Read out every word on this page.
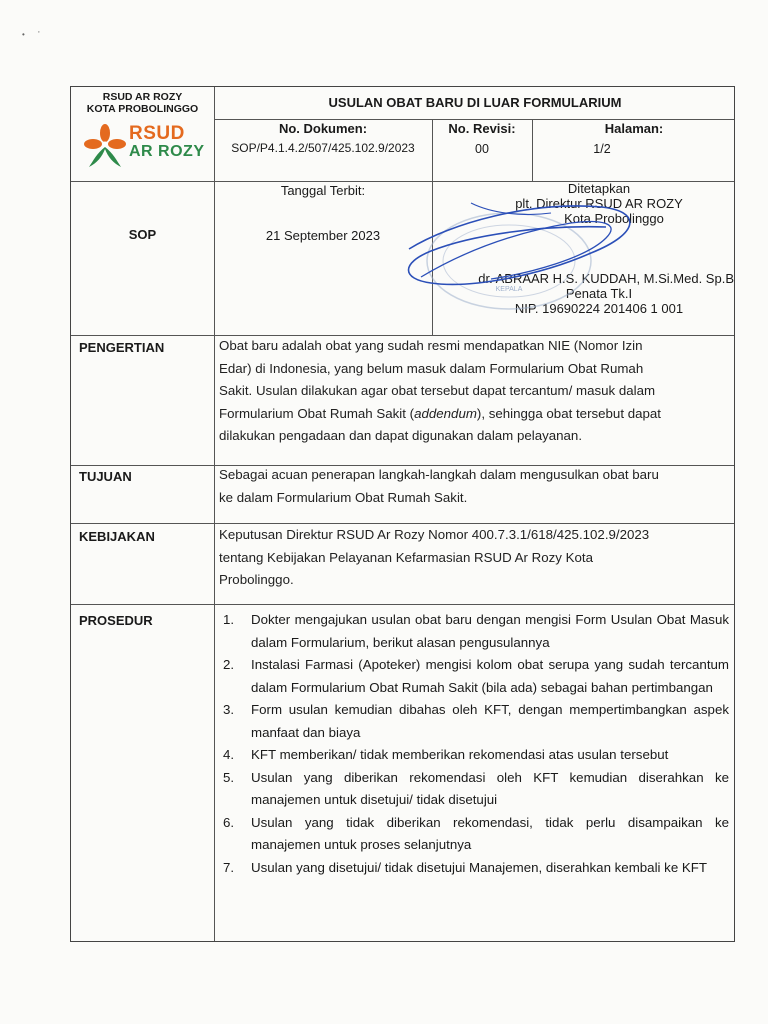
•      '
RSUD AR ROZY
KOTA PROBOLINGGO
RSUD
AR ROZY
USULAN OBAT BARU DI LUAR FORMULARIUM
No. Dokumen:
SOP/P4.1.4.2/507/425.102.9/2023
No. Revisi:
00
Halaman:
1/2
SOP
Tanggal Terbit:
21 September 2023
Ditetapkan
plt. Direktur RSUD AR ROZY
Kota Probolinggo
dr. ABRAAR H.S. KUDDAH, M.Si.Med. Sp.B
Penata Tk.I
NIP. 19690224 201406 1 001
KEPALA
PENGERTIAN	Obat baru adalah obat yang sudah resmi mendapatkan NIE (Nomor Izin
Edar) di Indonesia, yang belum masuk dalam Formularium Obat Rumah
Sakit. Usulan dilakukan agar obat tersebut dapat tercantum/ masuk dalam
Formularium Obat Rumah Sakit (addendum), sehingga obat tersebut dapat
dilakukan pengadaan dan dapat digunakan dalam pelayanan.
TUJUAN	Sebagai acuan penerapan langkah-langkah dalam mengusulkan obat baru
ke dalam Formularium Obat Rumah Sakit.
KEBIJAKAN	Keputusan Direktur RSUD Ar Rozy Nomor 400.7.3.1/618/425.102.9/2023
tentang Kebijakan Pelayanan Kefarmasian RSUD Ar Rozy Kota
Probolinggo.
PROSEDUR	1. Dokter mengajukan usulan obat baru dengan mengisi Form Usulan Obat Masuk dalam Formularium, berikut alasan pengusulannya
2. Instalasi Farmasi (Apoteker) mengisi kolom obat serupa yang sudah tercantum dalam Formularium Obat Rumah Sakit (bila ada) sebagai bahan pertimbangan
3. Form usulan kemudian dibahas oleh KFT, dengan mempertimbangkan aspek manfaat dan biaya
4. KFT memberikan/ tidak memberikan rekomendasi atas usulan tersebut
5. Usulan yang diberikan rekomendasi oleh KFT kemudian diserahkan ke manajemen untuk disetujui/ tidak disetujui
6. Usulan yang tidak diberikan rekomendasi, tidak perlu disampaikan ke manajemen untuk proses selanjutnya
7. Usulan yang disetujui/ tidak disetujui Manajemen, diserahkan kembali ke KFT
